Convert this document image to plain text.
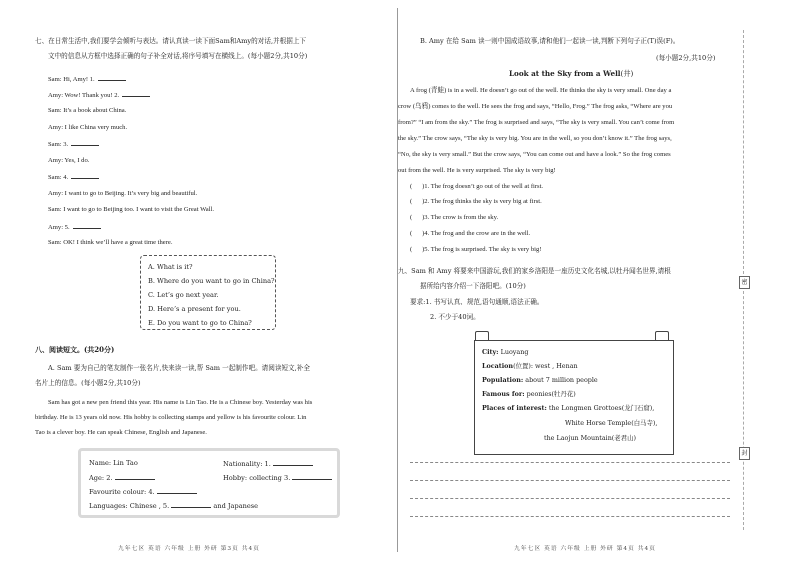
七、在日常生活中,我们要学会倾听与表达。请认真读一读下面Sam和Amy的对话,并根据上下
文中的信息从方框中选择正确的句子补全对话,将序号填写在横线上。(每小题2分,共10分)
Sam: Hi, Amy! 1.
Amy: Wow! Thank you! 2.
Sam: It’s a book about China.
Amy: I like China very much.
Sam: 3.
Amy: Yes, I do.
Sam: 4.
Amy: I want to go to Beijing. It’s very big and beautiful.
Sam: I want to go to Beijing too. I want to visit the Great Wall.
Amy: 5.
Sam: OK! I think we’ll have a great time there.
A. What is it?
B. Where do you want to go in China?
C. Let’s go next year.
D. Here’s a present for you.
E. Do you want to go to China?
八、阅读短文。(共20分)
A. Sam 要为自己的笔友制作一张名片,快来读一读,帮 Sam 一起制作吧。请阅读短文,补全
名片上的信息。(每小题2分,共10分)
Sam has got a new pen friend this year. His name is Lin Tao. He is a Chinese boy. Yesterday was his
birthday. He is 13 years old now. His hobby is collecting stamps and yellow is his favourite colour. Lin
Tao is a clever boy. He can speak Chinese, English and Japanese.
Name: Lin Tao	Nationality: 1.
Age: 2.	Hobby: collecting 3.
Favourite colour: 4.
Languages: Chinese , 5.	and Japanese
九年七区 英语 六年级 上册 外研 第3页 共4页
B. Amy 在给 Sam 读一则中国成语故事,请和他们一起读一读,判断下列句子正(T)误(F)。
(每小题2分,共10分)
Look at the Sky from a Well(井)
A frog (青蛙) is in a well. He doesn’t go out of the well. He thinks the sky is very small. One day a
crow (乌鸦) comes to the well. He sees the frog and says, “Hello, Frog.” The frog asks, “Where are you
from?” “I am from the sky.” The frog is surprised and says, “The sky is very small. You can’t come from
the sky.” The crow says, “The sky is very big. You are in the well, so you don’t know it.” The frog says,
“No, the sky is very small.” But the crow says, “You can come out and have a look.” So the frog comes
out from the well. He is very surprised. The sky is very big!
(      )1. The frog doesn’t go out of the well at first.
(      )2. The frog thinks the sky is very big at first.
(      )3. The crow is from the sky.
(      )4. The frog and the crow are in the well.
(      )5. The frog is surprised. The sky is very big!
九、Sam 和 Amy 将要来中国游玩,我们的家乡洛阳是一座历史文化名城,以牡丹闻名世界,请根
据所给内容介绍一下洛阳吧。(10分)
要求:1. 书写认真、规范,语句通顺,语法正确。
2. 不少于40词。
City: Luoyang
Location(位置): west , Henan
Population: about 7 million people
Famous for: peonies(牡丹花)
Places of interest: the Longmen Grottoes(龙门石窟),
White Horse Temple(白马寺),
the Laojun Mountain(老君山)
密
封
九年七区 英语 六年级 上册 外研 第4页 共4页
